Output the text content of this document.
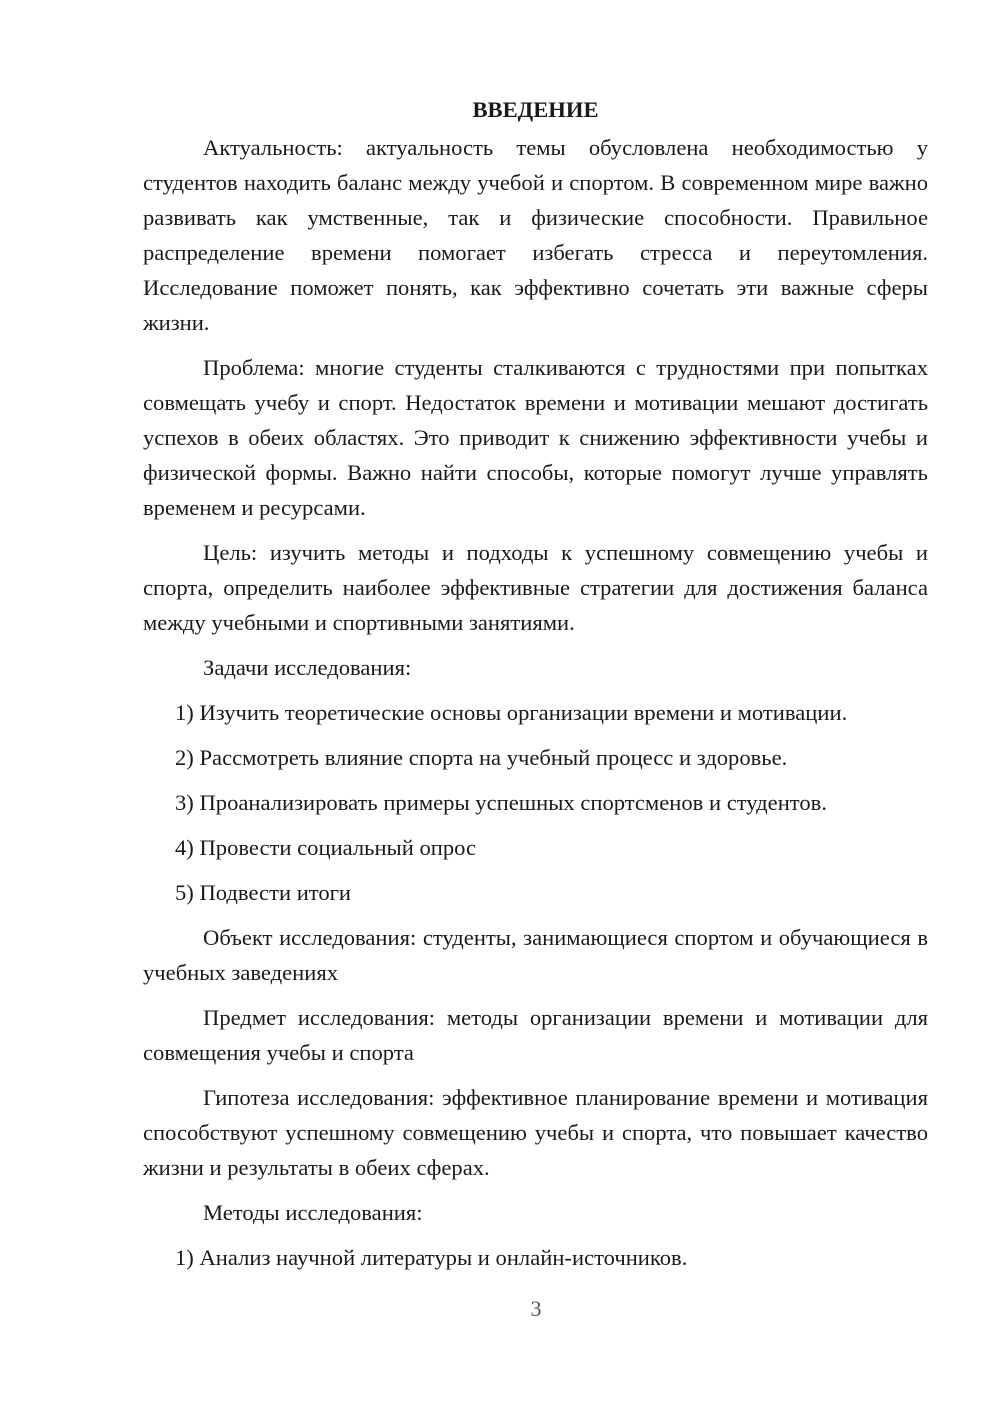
ВВЕДЕНИЕ

Актуальность: актуальность темы обусловлена необходимостью у студентов находить баланс между учебой и спортом. В современном мире важно развивать как умственные, так и физические способности. Правильное распределение времени помогает избегать стресса и переутомления. Исследование поможет понять, как эффективно сочетать эти важные сферы жизни.

Проблема: многие студенты сталкиваются с трудностями при попытках совмещать учебу и спорт. Недостаток времени и мотивации мешают достигать успехов в обеих областях. Это приводит к снижению эффективности учебы и физической формы. Важно найти способы, которые помогут лучше управлять временем и ресурсами.

Цель: изучить методы и подходы к успешному совмещению учебы и спорта, определить наиболее эффективные стратегии для достижения баланса между учебными и спортивными занятиями.

Задачи исследования:

1) Изучить теоретические основы организации времени и мотивации.

2) Рассмотреть влияние спорта на учебный процесс и здоровье.

3) Проанализировать примеры успешных спортсменов и студентов.

4) Провести социальный опрос

5) Подвести итоги

Объект исследования: студенты, занимающиеся спортом и обучающиеся в учебных заведениях

Предмет исследования: методы организации времени и мотивации для совмещения учебы и спорта

Гипотеза исследования: эффективное планирование времени и мотивация способствуют успешному совмещению учебы и спорта, что повышает качество жизни и результаты в обеих сферах.

Методы исследования:

1) Анализ научной литературы и онлайн-источников.

3
